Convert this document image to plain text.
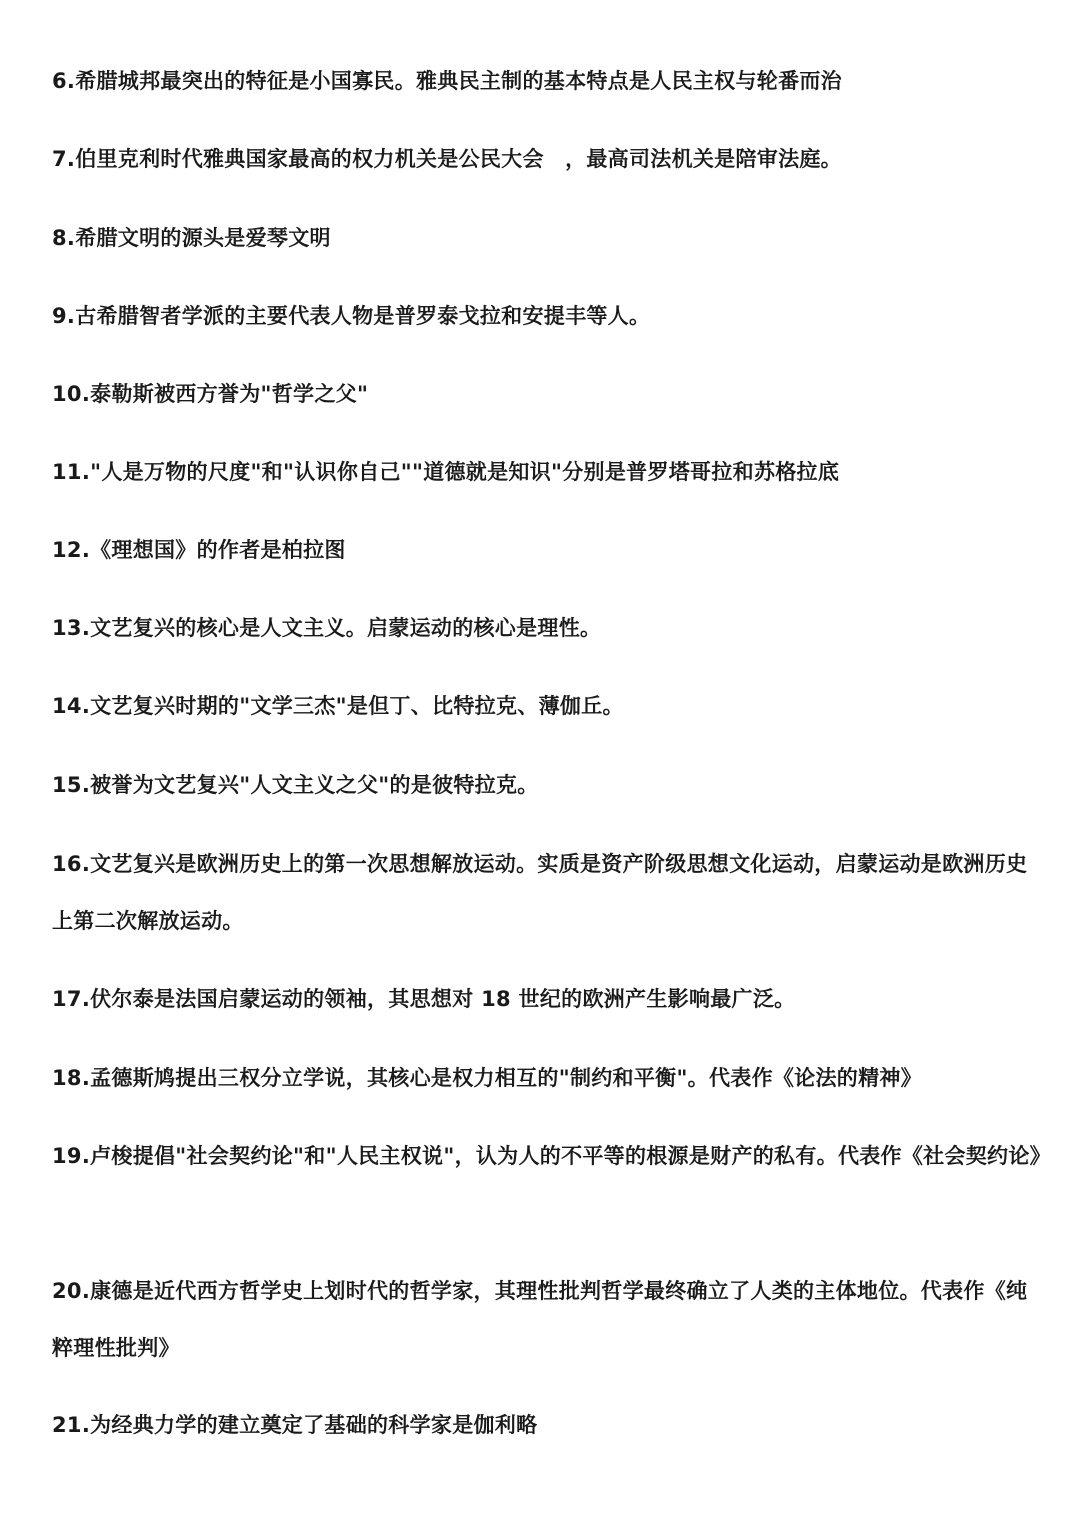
6.希腊城邦最突出的特征是小国寡民。雅典民主制的基本特点是人民主权与轮番而治

7.伯里克利时代雅典国家最高的权力机关是公民大会　，最高司法机关是陪审法庭。

8.希腊文明的源头是爱琴文明

9.古希腊智者学派的主要代表人物是普罗泰戈拉和安提丰等人。

10.泰勒斯被西方誉为"哲学之父"

11."人是万物的尺度"和"认识你自己""道德就是知识"分别是普罗塔哥拉和苏格拉底

12.《理想国》的作者是柏拉图

13.文艺复兴的核心是人文主义。启蒙运动的核心是理性。

14.文艺复兴时期的"文学三杰"是但丁、比特拉克、薄伽丘。

15.被誉为文艺复兴"人文主义之父"的是彼特拉克。

16.文艺复兴是欧洲历史上的第一次思想解放运动。实质是资产阶级思想文化运动，启蒙运动是欧洲历史上第二次解放运动。

17.伏尔泰是法国启蒙运动的领袖，其思想对 18 世纪的欧洲产生影响最广泛。

18.孟德斯鸠提出三权分立学说，其核心是权力相互的"制约和平衡"。代表作《论法的精神》

19.卢梭提倡"社会契约论"和"人民主权说"，认为人的不平等的根源是财产的私有。代表作《社会契约论》

20.康德是近代西方哲学史上划时代的哲学家，其理性批判哲学最终确立了人类的主体地位。代表作《纯粹理性批判》

21.为经典力学的建立奠定了基础的科学家是伽利略
